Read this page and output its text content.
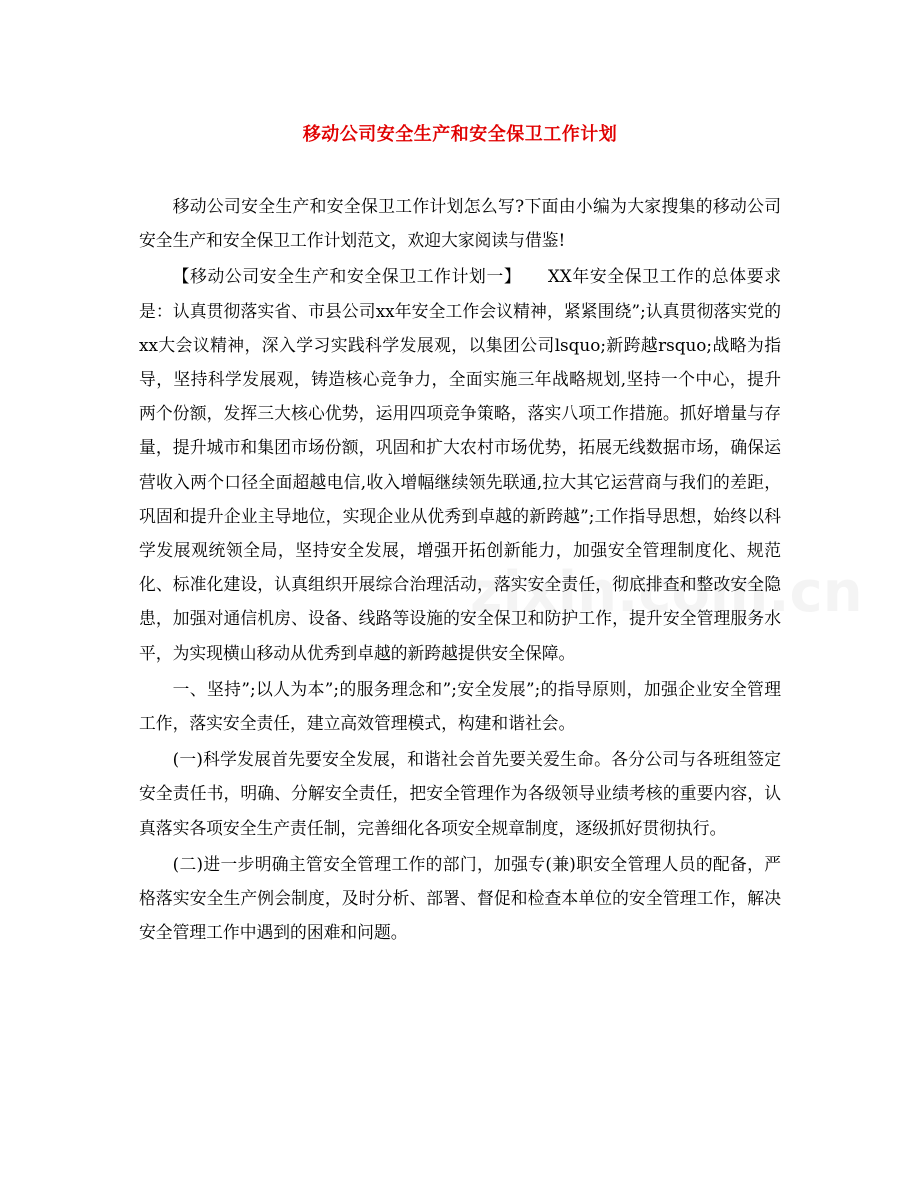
移动公司安全生产和安全保卫工作计划

移动公司安全生产和安全保卫工作计划怎么写?下面由小编为大家搜集的移动公司安全生产和安全保卫工作计划范文，欢迎大家阅读与借鉴!

【移动公司安全生产和安全保卫工作计划一】　　XX年安全保卫工作的总体要求是：认真贯彻落实省、市县公司xx年安全工作会议精神，紧紧围绕”;认真贯彻落实党的xx大会议精神，深入学习实践科学发展观，以集团公司lsquo;新跨越rsquo;战略为指导，坚持科学发展观，铸造核心竞争力，全面实施三年战略规划,坚持一个中心，提升两个份额，发挥三大核心优势，运用四项竞争策略，落实八项工作措施。抓好增量与存量，提升城市和集团市场份额，巩固和扩大农村市场优势，拓展无线数据市场，确保运营收入两个口径全面超越电信,收入增幅继续领先联通,拉大其它运营商与我们的差距，巩固和提升企业主导地位，实现企业从优秀到卓越的新跨越”;工作指导思想，始终以科学发展观统领全局，坚持安全发展，增强开拓创新能力，加强安全管理制度化、规范化、标准化建设，认真组织开展综合治理活动，落实安全责任，彻底排查和整改安全隐患，加强对通信机房、设备、线路等设施的安全保卫和防护工作，提升安全管理服务水平，为实现横山移动从优秀到卓越的新跨越提供安全保障。

一、坚持”;以人为本”;的服务理念和”;安全发展”;的指导原则，加强企业安全管理工作，落实安全责任，建立高效管理模式，构建和谐社会。

(一)科学发展首先要安全发展，和谐社会首先要关爱生命。各分公司与各班组签定安全责任书，明确、分解安全责任，把安全管理作为各级领导业绩考核的重要内容，认真落实各项安全生产责任制，完善细化各项安全规章制度，逐级抓好贯彻执行。

(二)进一步明确主管安全管理工作的部门，加强专(兼)职安全管理人员的配备，严格落实安全生产例会制度，及时分析、部署、督促和检查本单位的安全管理工作，解决安全管理工作中遇到的困难和问题。
